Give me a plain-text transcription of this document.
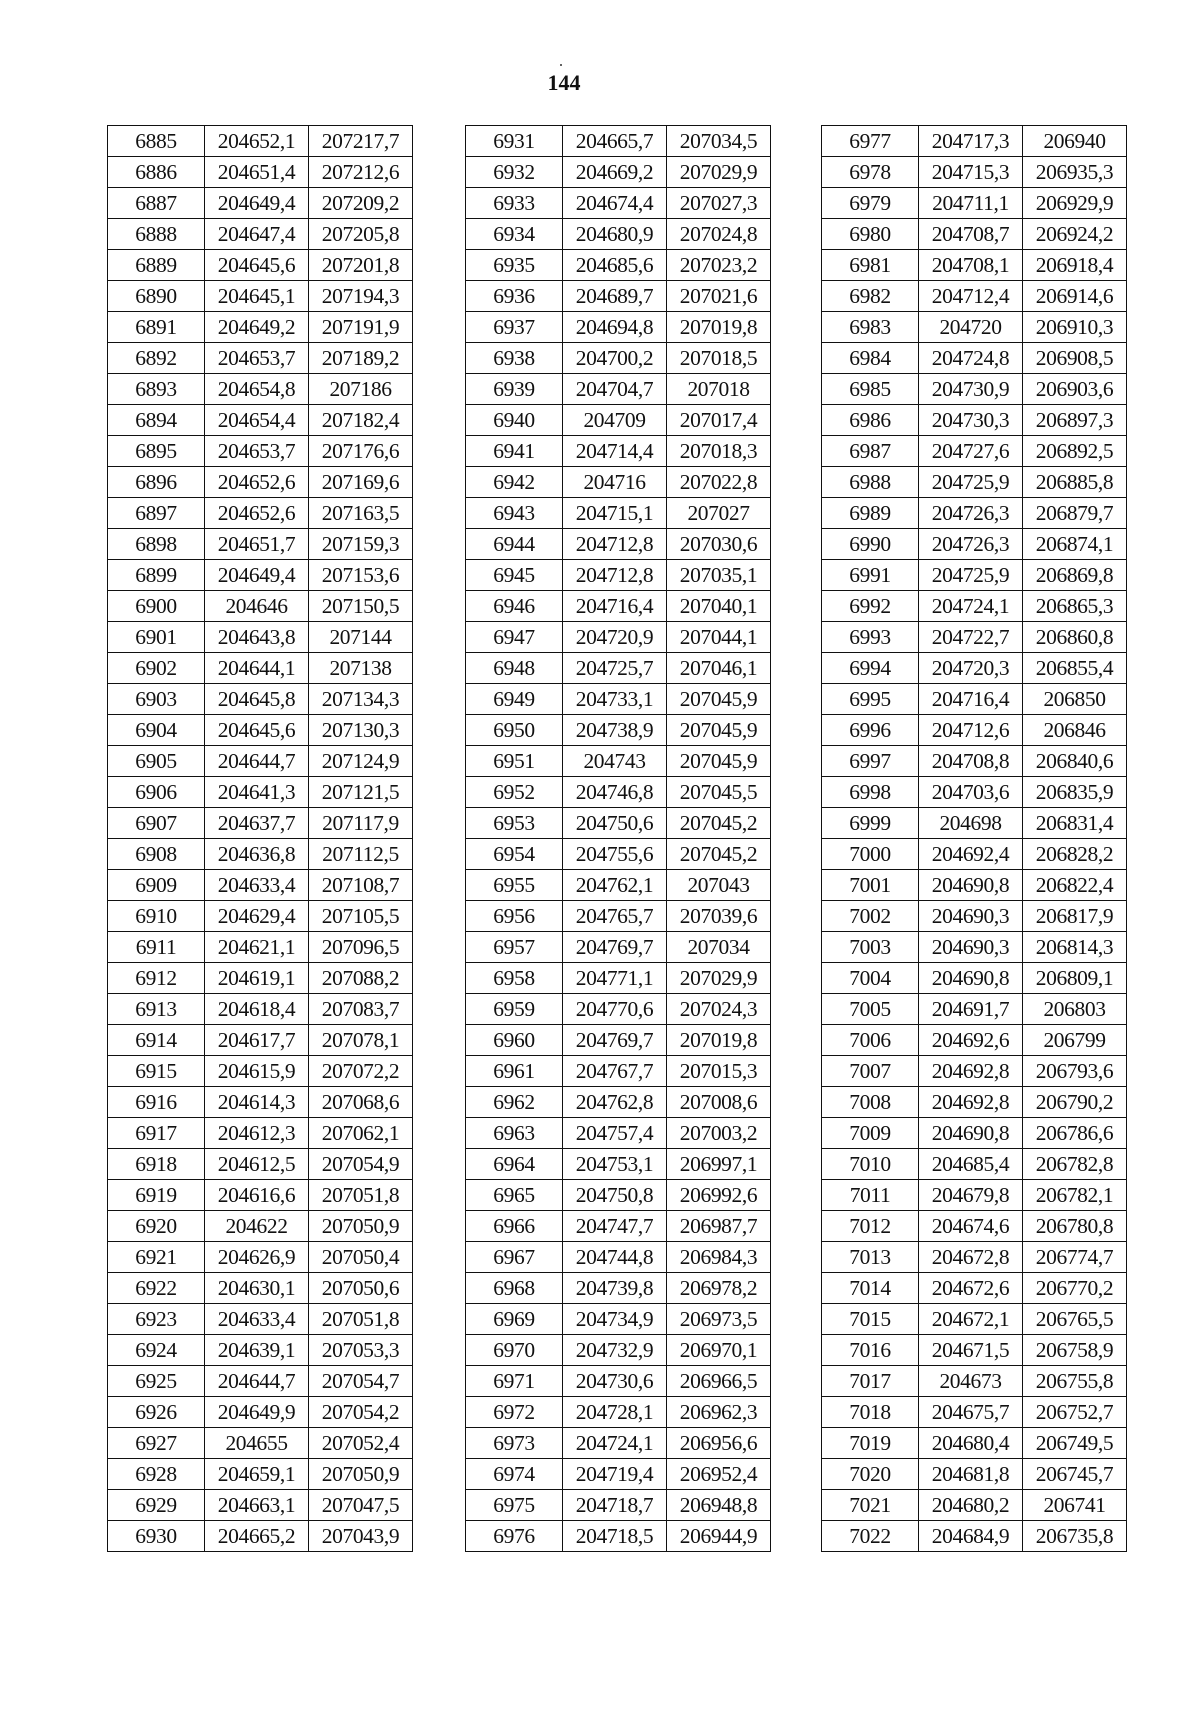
144
6885	204652,1	207217,7
6886	204651,4	207212,6
6887	204649,4	207209,2
6888	204647,4	207205,8
6889	204645,6	207201,8
6890	204645,1	207194,3
6891	204649,2	207191,9
6892	204653,7	207189,2
6893	204654,8	207186
6894	204654,4	207182,4
6895	204653,7	207176,6
6896	204652,6	207169,6
6897	204652,6	207163,5
6898	204651,7	207159,3
6899	204649,4	207153,6
6900	204646	207150,5
6901	204643,8	207144
6902	204644,1	207138
6903	204645,8	207134,3
6904	204645,6	207130,3
6905	204644,7	207124,9
6906	204641,3	207121,5
6907	204637,7	207117,9
6908	204636,8	207112,5
6909	204633,4	207108,7
6910	204629,4	207105,5
6911	204621,1	207096,5
6912	204619,1	207088,2
6913	204618,4	207083,7
6914	204617,7	207078,1
6915	204615,9	207072,2
6916	204614,3	207068,6
6917	204612,3	207062,1
6918	204612,5	207054,9
6919	204616,6	207051,8
6920	204622	207050,9
6921	204626,9	207050,4
6922	204630,1	207050,6
6923	204633,4	207051,8
6924	204639,1	207053,3
6925	204644,7	207054,7
6926	204649,9	207054,2
6927	204655	207052,4
6928	204659,1	207050,9
6929	204663,1	207047,5
6930	204665,2	207043,9
6931	204665,7	207034,5
6932	204669,2	207029,9
6933	204674,4	207027,3
6934	204680,9	207024,8
6935	204685,6	207023,2
6936	204689,7	207021,6
6937	204694,8	207019,8
6938	204700,2	207018,5
6939	204704,7	207018
6940	204709	207017,4
6941	204714,4	207018,3
6942	204716	207022,8
6943	204715,1	207027
6944	204712,8	207030,6
6945	204712,8	207035,1
6946	204716,4	207040,1
6947	204720,9	207044,1
6948	204725,7	207046,1
6949	204733,1	207045,9
6950	204738,9	207045,9
6951	204743	207045,9
6952	204746,8	207045,5
6953	204750,6	207045,2
6954	204755,6	207045,2
6955	204762,1	207043
6956	204765,7	207039,6
6957	204769,7	207034
6958	204771,1	207029,9
6959	204770,6	207024,3
6960	204769,7	207019,8
6961	204767,7	207015,3
6962	204762,8	207008,6
6963	204757,4	207003,2
6964	204753,1	206997,1
6965	204750,8	206992,6
6966	204747,7	206987,7
6967	204744,8	206984,3
6968	204739,8	206978,2
6969	204734,9	206973,5
6970	204732,9	206970,1
6971	204730,6	206966,5
6972	204728,1	206962,3
6973	204724,1	206956,6
6974	204719,4	206952,4
6975	204718,7	206948,8
6976	204718,5	206944,9
6977	204717,3	206940
6978	204715,3	206935,3
6979	204711,1	206929,9
6980	204708,7	206924,2
6981	204708,1	206918,4
6982	204712,4	206914,6
6983	204720	206910,3
6984	204724,8	206908,5
6985	204730,9	206903,6
6986	204730,3	206897,3
6987	204727,6	206892,5
6988	204725,9	206885,8
6989	204726,3	206879,7
6990	204726,3	206874,1
6991	204725,9	206869,8
6992	204724,1	206865,3
6993	204722,7	206860,8
6994	204720,3	206855,4
6995	204716,4	206850
6996	204712,6	206846
6997	204708,8	206840,6
6998	204703,6	206835,9
6999	204698	206831,4
7000	204692,4	206828,2
7001	204690,8	206822,4
7002	204690,3	206817,9
7003	204690,3	206814,3
7004	204690,8	206809,1
7005	204691,7	206803
7006	204692,6	206799
7007	204692,8	206793,6
7008	204692,8	206790,2
7009	204690,8	206786,6
7010	204685,4	206782,8
7011	204679,8	206782,1
7012	204674,6	206780,8
7013	204672,8	206774,7
7014	204672,6	206770,2
7015	204672,1	206765,5
7016	204671,5	206758,9
7017	204673	206755,8
7018	204675,7	206752,7
7019	204680,4	206749,5
7020	204681,8	206745,7
7021	204680,2	206741
7022	204684,9	206735,8
